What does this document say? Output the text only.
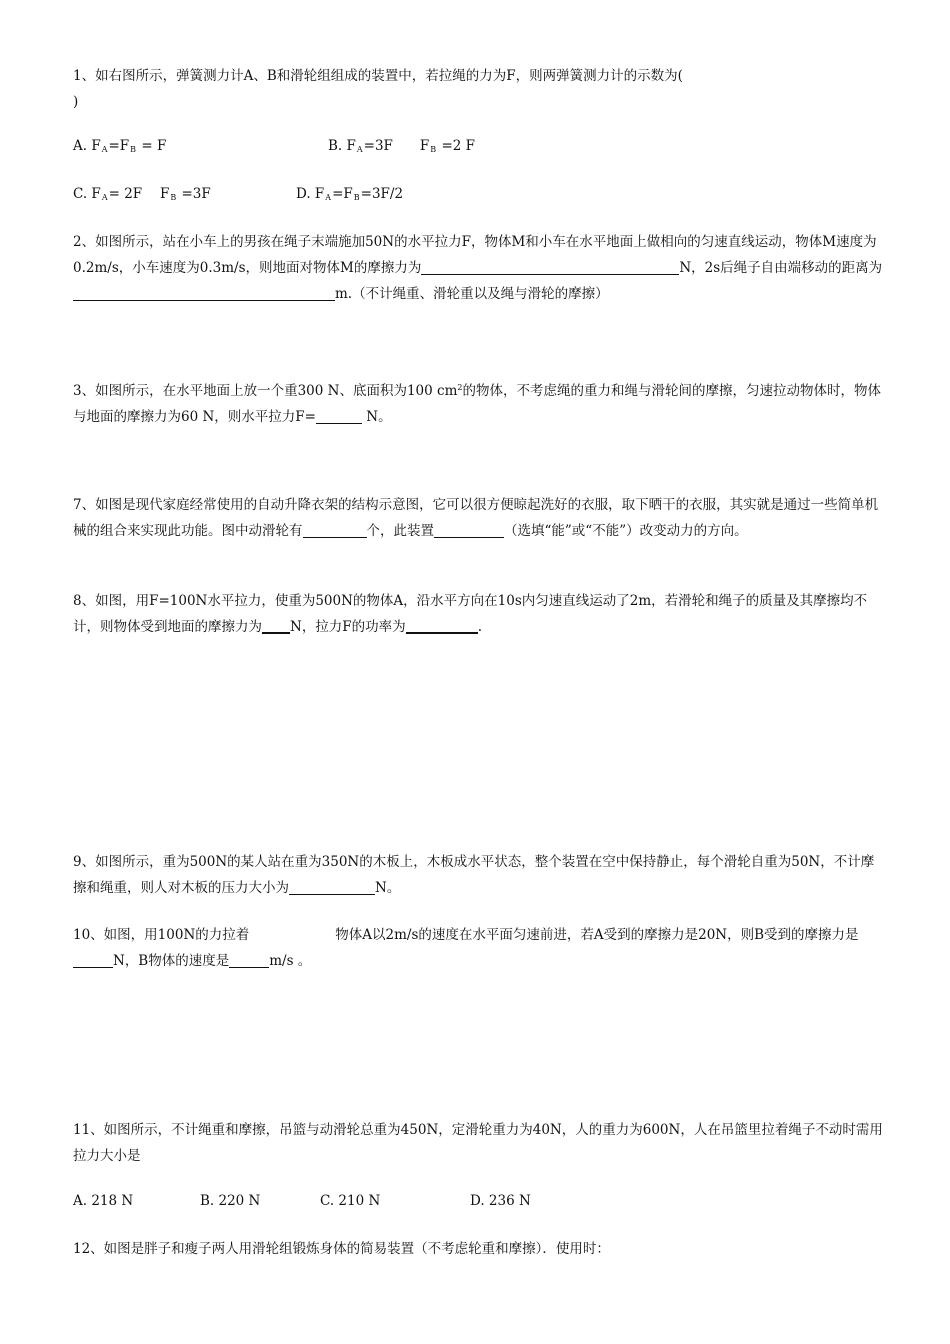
1、如右图所示，弹簧测力计A、B和滑轮组组成的装置中，若拉绳的力为F，则两弹簧测力计的示数为(
)
A. $F_A=F_B = F$	B. $F_A=3F$　　$F_B =2$ F
C. $F_A= 2F$　 $F_B =3F$	D. $F_A=F_B=3F/2$
2、如图所示，站在小车上的男孩在绳子末端施加50N的水平拉力F，物体M和小车在水平地面上做相向的匀速直线运动，物体M速度为0.2m/s，小车速度为0.3m/s，则地面对物体M的摩擦力为	N，2s后绳子自由端移动的距离为m.（不计绳重、滑轮重以及绳与滑轮的摩擦）
3、如图所示，在水平地面上放一个重300 N、底面积为100 $cm^2$的物体，不考虑绳的重力和绳与滑轮间的摩擦，匀速拉动物体时，物体与地面的摩擦力为60 N，则水平拉力F=	N。
7、如图是现代家庭经常使用的自动升降衣架的结构示意图，它可以很方便晾起洗好的衣服，取下晒干的衣服，其实就是通过一些简单机械的组合来实现此功能。图中动滑轮有	个，此装置	（选填“能”或“不能”）改变动力的方向。
8、如图，用F=100N水平拉力，使重为500N的物体A，沿水平方向在10s内匀速直线运动了2m，若滑轮和绳子的质量及其摩擦均不计，则物体受到地面的摩擦力为 N，拉力F的功率为	.
9、如图所示，重为500N的某人站在重为350N的木板上，木板成水平状态，整个装置在空中保持静止，每个滑轮自重为50N，不计摩擦和绳重，则人对木板的压力大小为	N。
10、如图，用100N的力拉着	物体A以2m/s的速度在水平面匀速前进，若A受到的摩擦力是20N，则B受到的摩擦力是N，B物体的速度是	m/s 。
11、如图所示，不计绳重和摩擦，吊篮与动滑轮总重为450N，定滑轮重力为40N，人的重力为600N，人在吊篮里拉着绳子不动时需用拉力大小是
A. 218 N	B. 220 N	C. 210 N	D. 236 N
12、如图是胖子和瘦子两人用滑轮组锻炼身体的简易装置（不考虑轮重和摩擦）．使用时：
